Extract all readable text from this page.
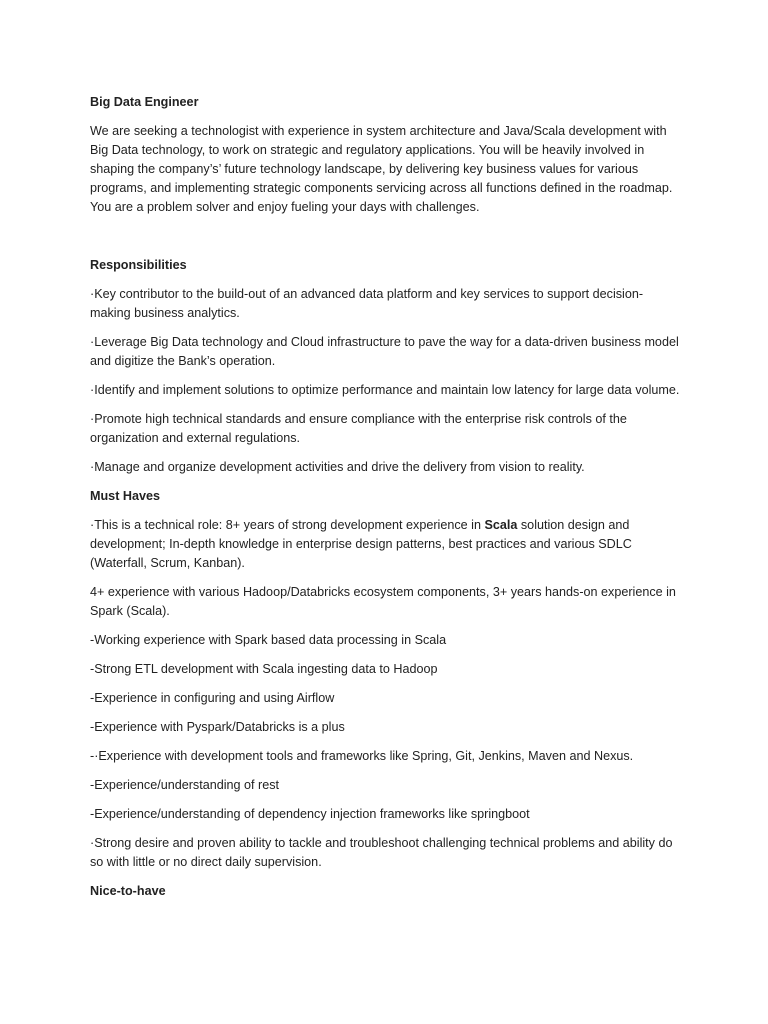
Big Data Engineer
We are seeking a technologist with experience in system architecture and Java/Scala development with Big Data technology, to work on strategic and regulatory applications. You will be heavily involved in shaping the company’s’ future technology landscape, by delivering key business values for various programs, and implementing strategic components servicing across all functions defined in the roadmap. You are a problem solver and enjoy fueling your days with challenges.
Responsibilities
·Key contributor to the build-out of an advanced data platform and key services to support decision-making business analytics.
·Leverage Big Data technology and Cloud infrastructure to pave the way for a data-driven business model and digitize the Bank’s operation.
·Identify and implement solutions to optimize performance and maintain low latency for large data volume.
·Promote high technical standards and ensure compliance with the enterprise risk controls of the organization and external regulations.
·Manage and organize development activities and drive the delivery from vision to reality.
Must Haves
·This is a technical role: 8+ years of strong development experience in Scala solution design and development; In-depth knowledge in enterprise design patterns, best practices and various SDLC (Waterfall, Scrum, Kanban).
4+ experience with various Hadoop/Databricks ecosystem components, 3+ years hands-on experience in Spark (Scala).
-Working experience with Spark based data processing in Scala
-Strong ETL development with Scala ingesting data to Hadoop
-Experience in configuring and using Airflow
-Experience with Pyspark/Databricks is a plus
-·Experience with development tools and frameworks like Spring, Git, Jenkins, Maven and Nexus.
-Experience/understanding of rest
-Experience/understanding of dependency injection frameworks like springboot
·Strong desire and proven ability to tackle and troubleshoot challenging technical problems and ability do so with little or no direct daily supervision.
Nice-to-have
